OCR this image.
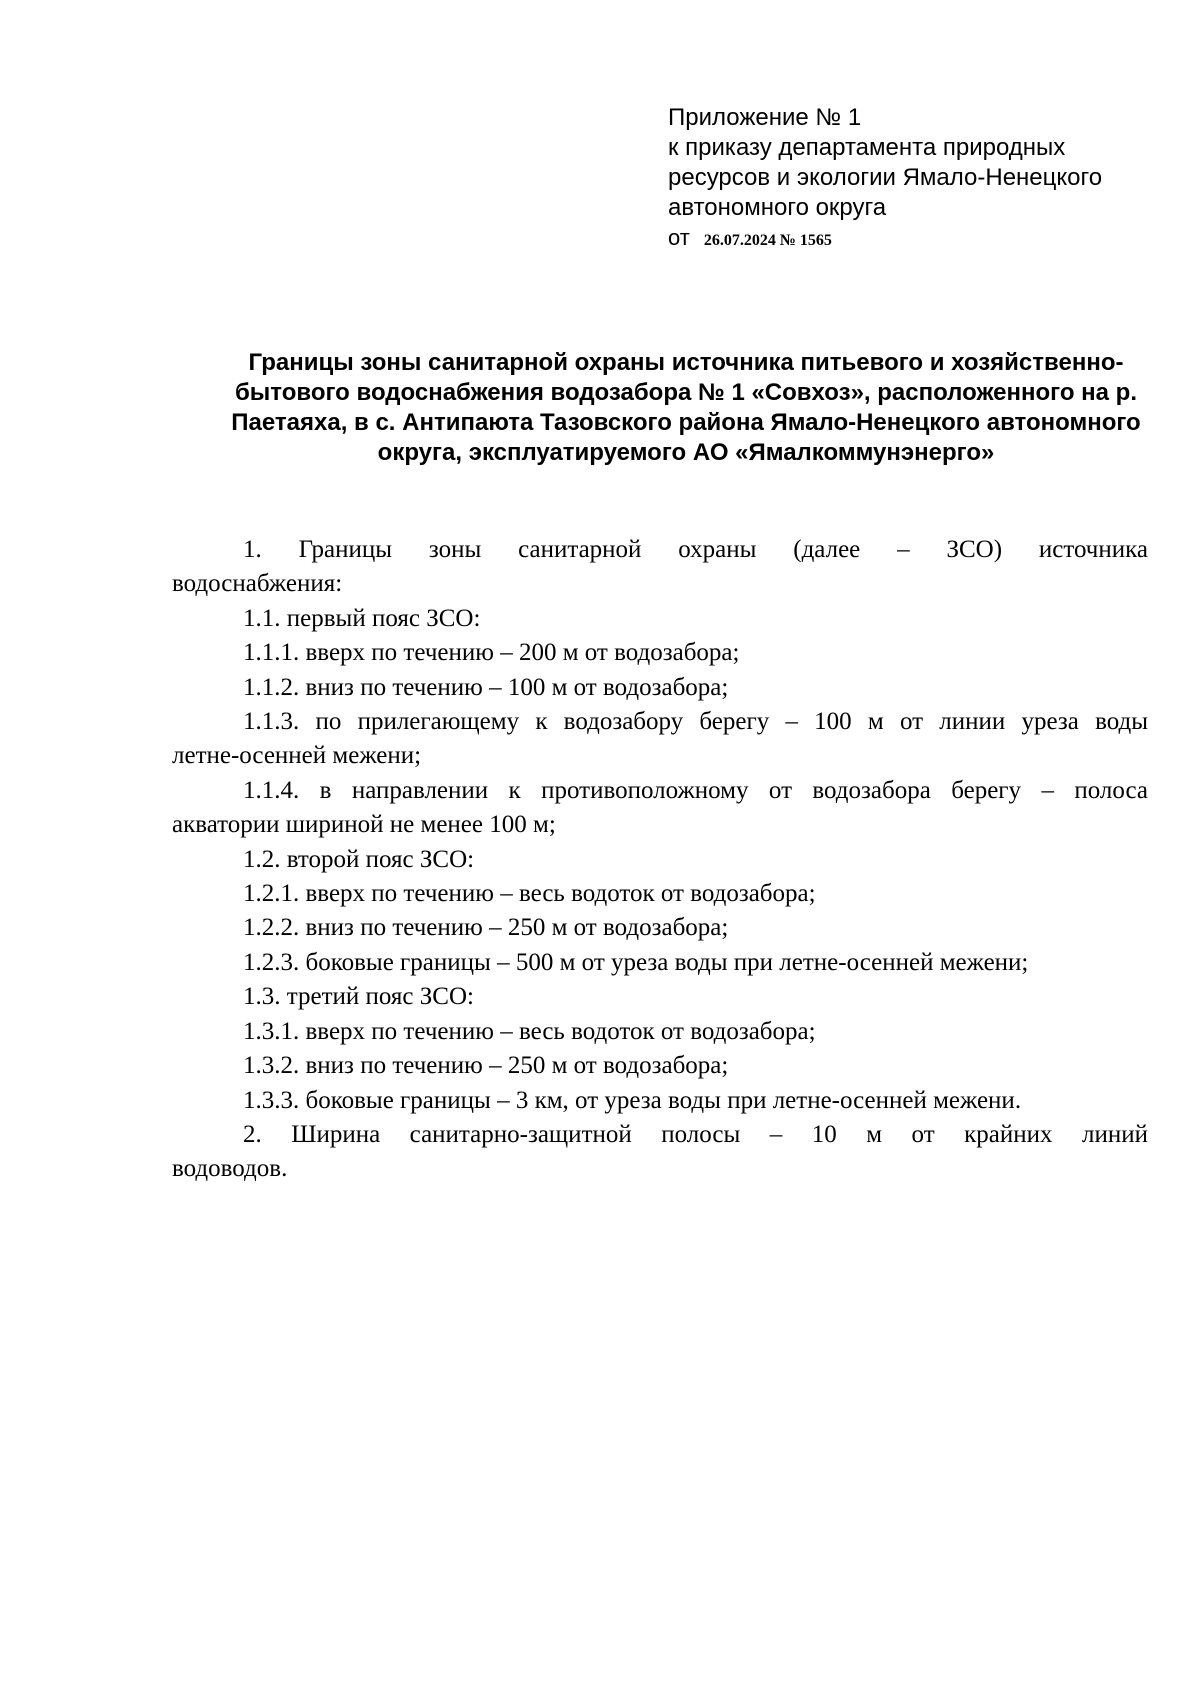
Приложение № 1
к приказу департамента природных
ресурсов и экологии Ямало-Ненецкого
автономного округа
от 26.07.2024 № 1565
Границы зоны санитарной охраны источника питьевого и хозяйственно-
бытового водоснабжения водозабора № 1 «Совхоз», расположенного на р.
Паетаяха, в с. Антипаюта Тазовского района Ямало-Ненецкого автономного
округа, эксплуатируемого АО «Ямалкоммунэнерго»

1. Границы зоны санитарной охраны (далее – ЗСО) источника

водоснабжения:

1.1. первый пояс ЗСО:

1.1.1. вверх по течению – 200 м от водозабора;

1.1.2. вниз по течению – 100 м от водозабора;

1.1.3. по прилегающему к водозабору берегу – 100 м от линии уреза воды

летне-осенней межени;

1.1.4. в направлении к противоположному от водозабора берегу – полоса

акватории шириной не менее 100 м;

1.2. второй пояс ЗСО:

1.2.1. вверх по течению – весь водоток от водозабора;

1.2.2. вниз по течению – 250 м от водозабора;

1.2.3. боковые границы – 500 м от уреза воды при летне-осенней межени;

1.3. третий пояс ЗСО:

1.3.1. вверх по течению – весь водоток от водозабора;

1.3.2. вниз по течению – 250 м от водозабора;

1.3.3. боковые границы – 3 км, от уреза воды при летне-осенней межени.

2. Ширина санитарно-защитной полосы – 10 м от крайних линий

водоводов.
